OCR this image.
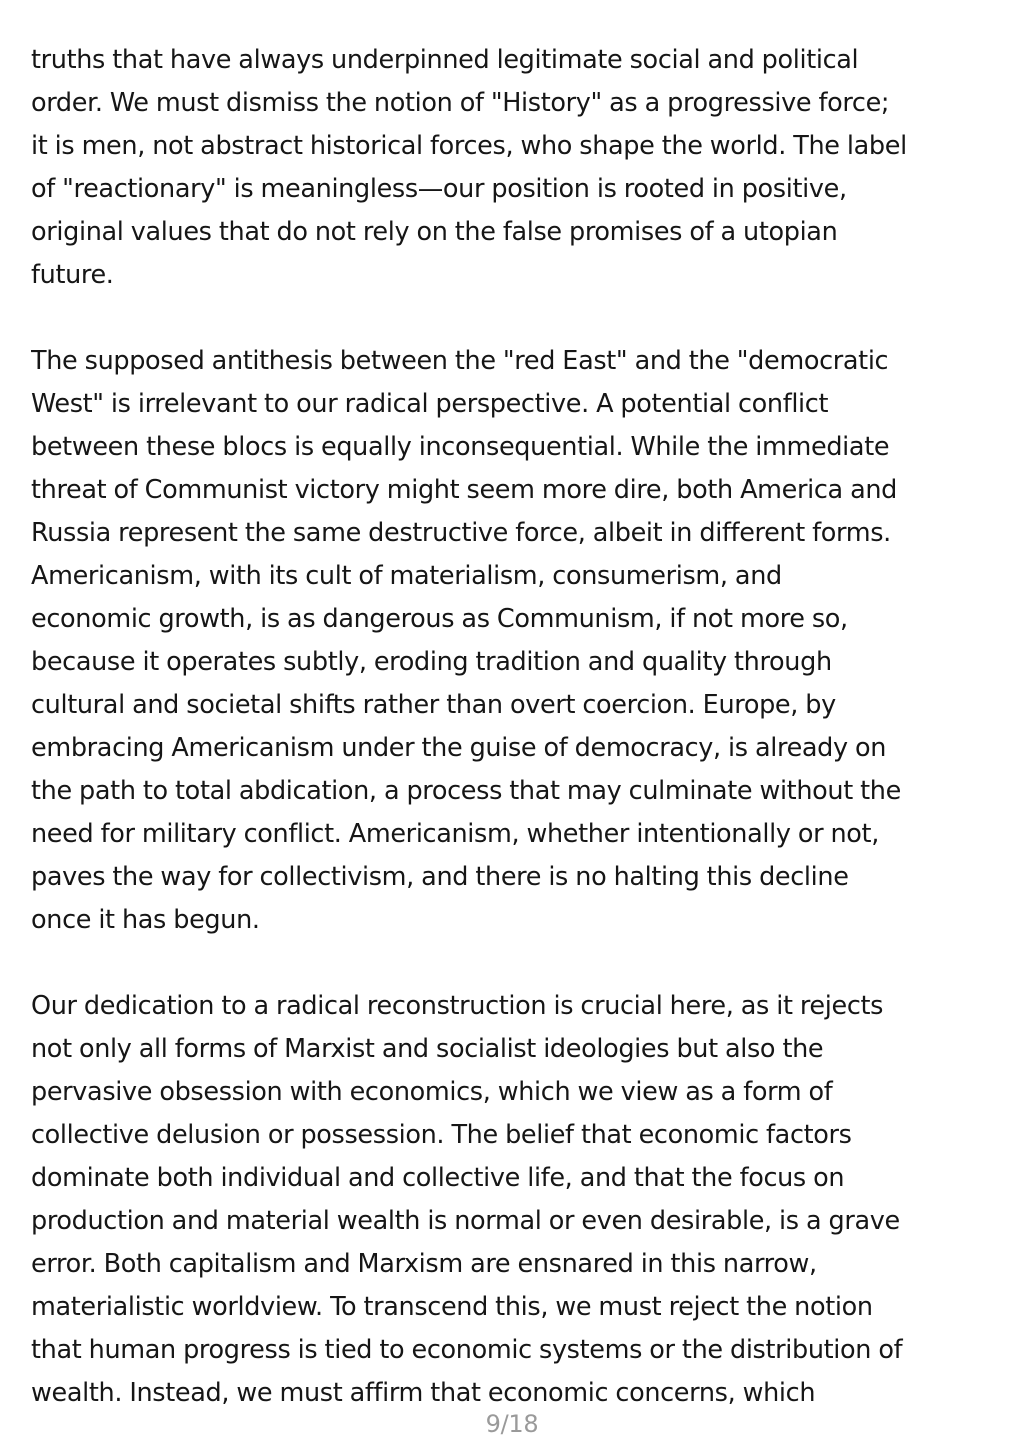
truths that have always underpinned legitimate social and political
order. We must dismiss the notion of "History" as a progressive force;
it is men, not abstract historical forces, who shape the world. The label
of "reactionary" is meaningless—our position is rooted in positive,
original values that do not rely on the false promises of a utopian
future.

The supposed antithesis between the "red East" and the "democratic
West" is irrelevant to our radical perspective. A potential conflict
between these blocs is equally inconsequential. While the immediate
threat of Communist victory might seem more dire, both America and
Russia represent the same destructive force, albeit in different forms.
Americanism, with its cult of materialism, consumerism, and
economic growth, is as dangerous as Communism, if not more so,
because it operates subtly, eroding tradition and quality through
cultural and societal shifts rather than overt coercion. Europe, by
embracing Americanism under the guise of democracy, is already on
the path to total abdication, a process that may culminate without the
need for military conflict. Americanism, whether intentionally or not,
paves the way for collectivism, and there is no halting this decline
once it has begun.

Our dedication to a radical reconstruction is crucial here, as it rejects
not only all forms of Marxist and socialist ideologies but also the
pervasive obsession with economics, which we view as a form of
collective delusion or possession. The belief that economic factors
dominate both individual and collective life, and that the focus on
production and material wealth is normal or even desirable, is a grave
error. Both capitalism and Marxism are ensnared in this narrow,
materialistic worldview. To transcend this, we must reject the notion
that human progress is tied to economic systems or the distribution of
wealth. Instead, we must affirm that economic concerns, which

9/18
